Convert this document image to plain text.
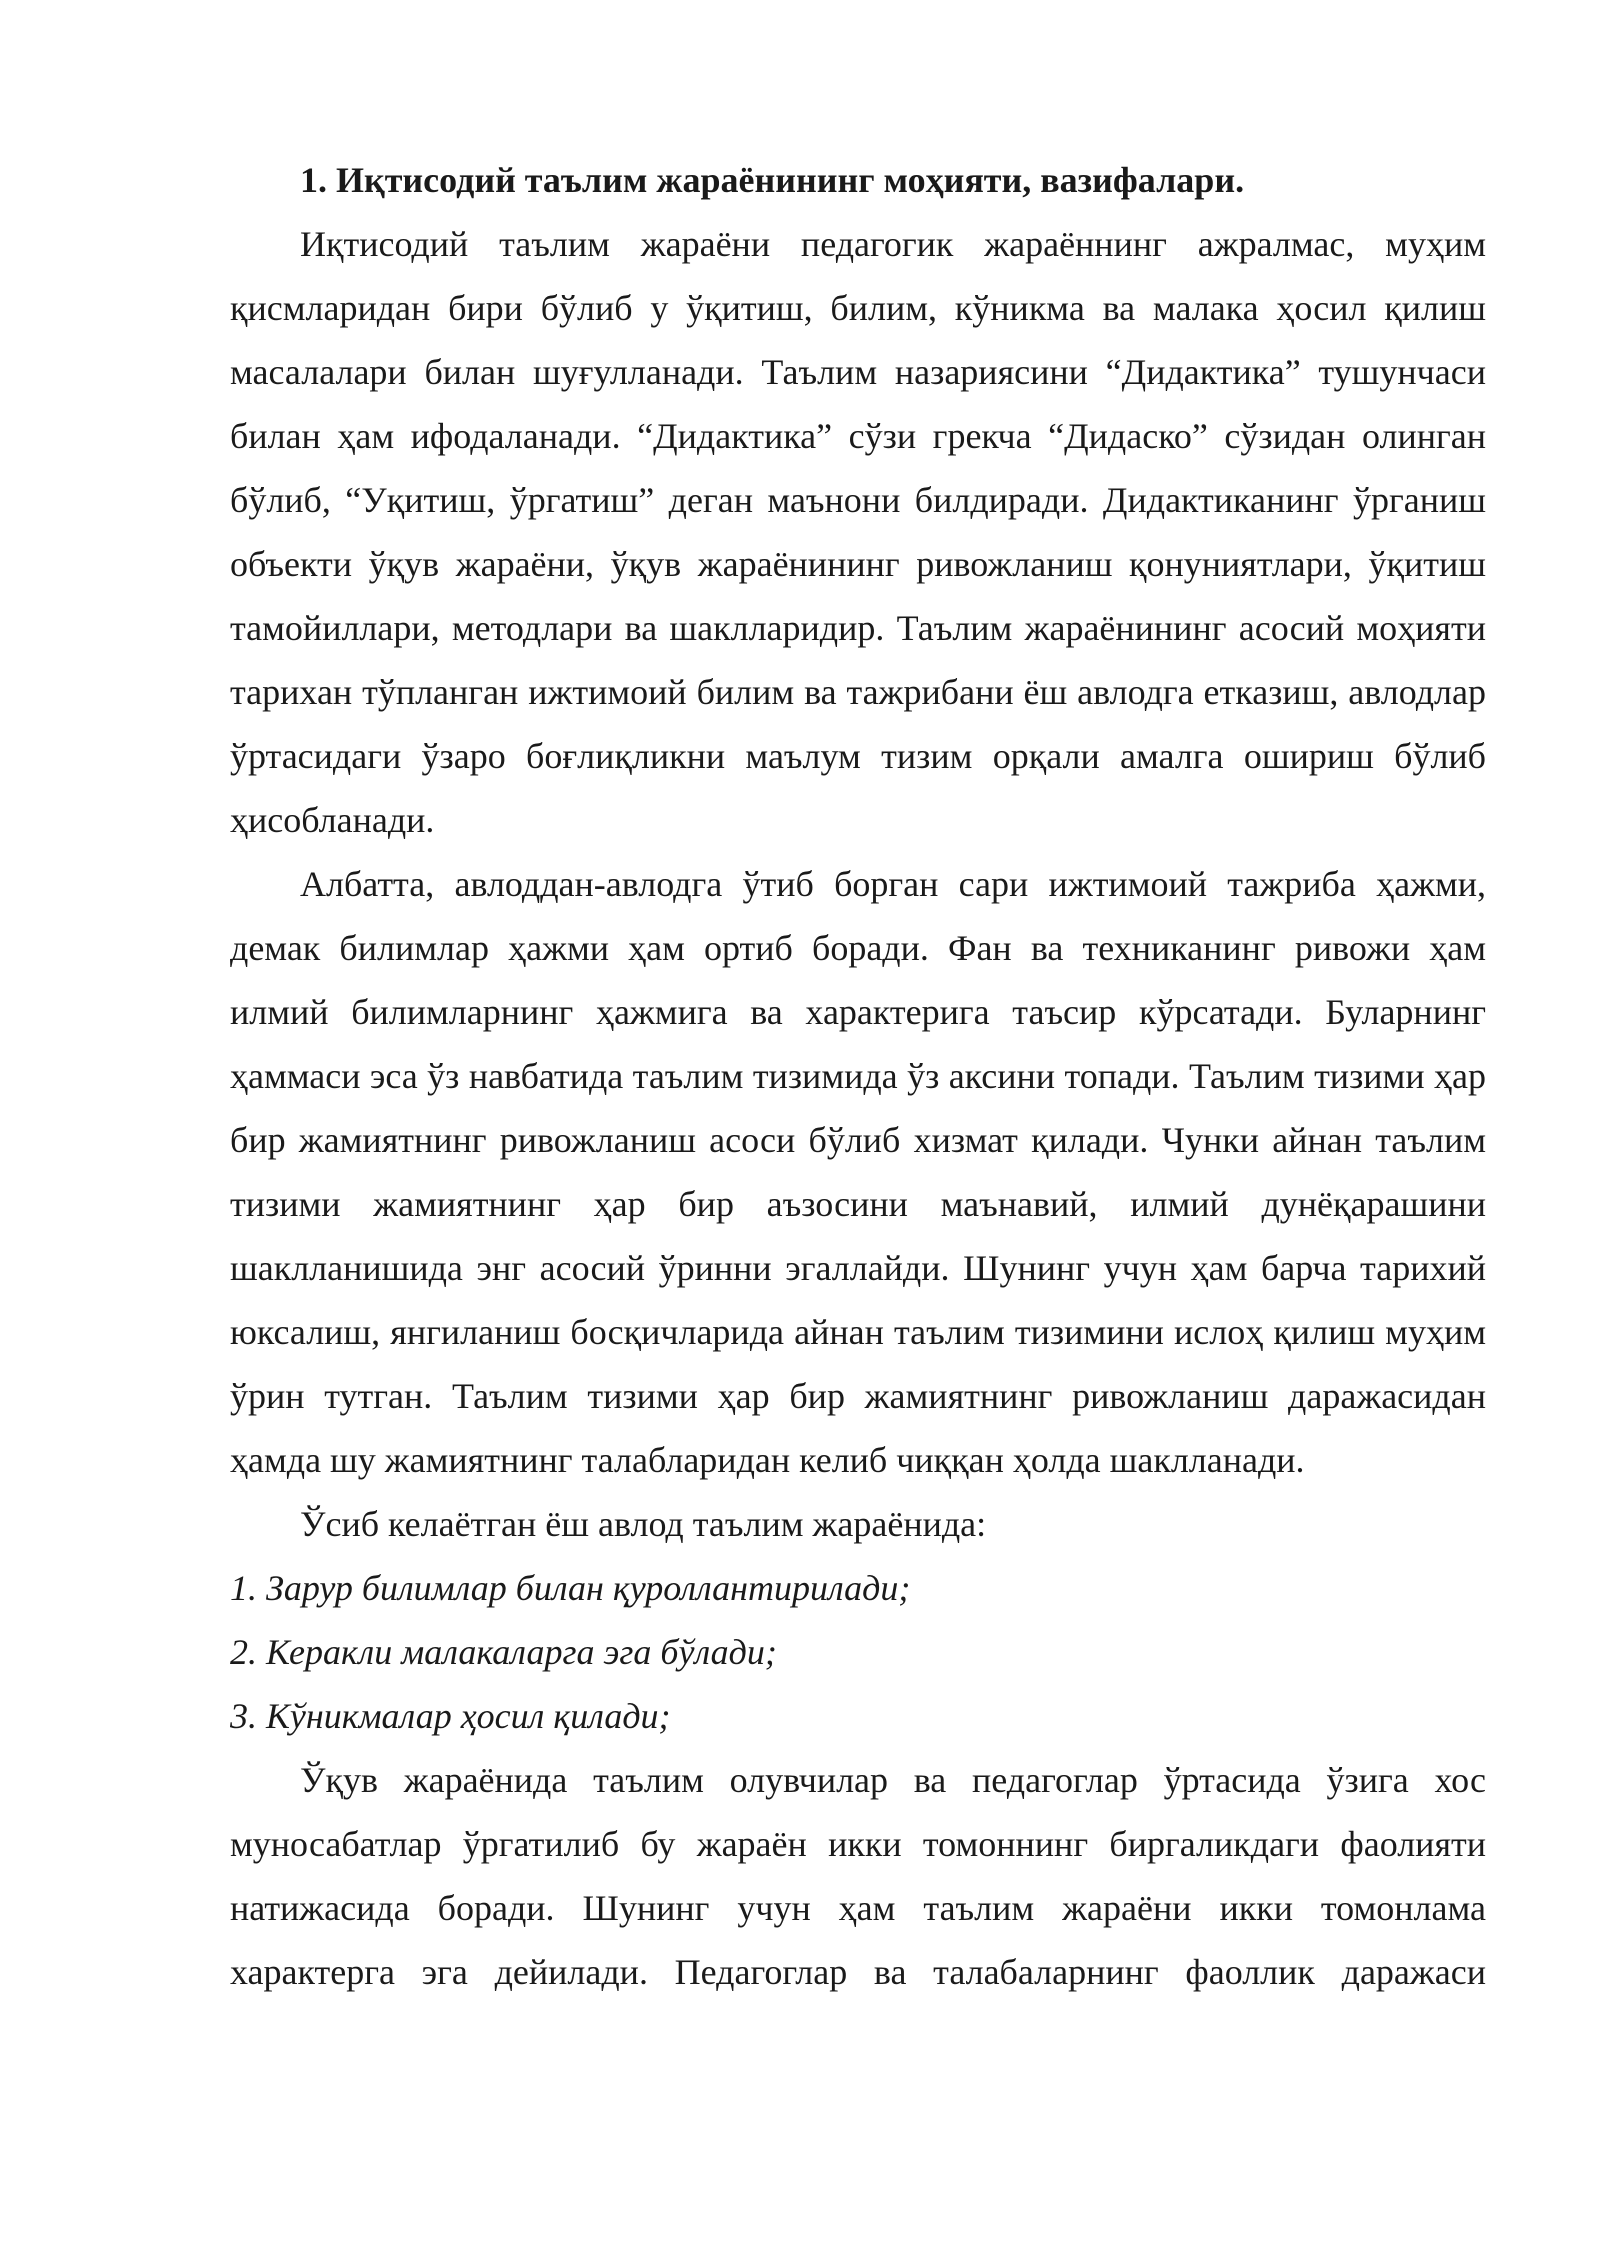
1. Иқтисодий таълим жараёнининг моҳияти, вазифалари.

Иқтисодий таълим жараёни педагогик жараённинг ажралмас, муҳим қисмларидан бири бўлиб у ўқитиш, билим, кўникма ва малака ҳосил қилиш масалалари билан шуғулланади. Таълим назариясини “Дидактика” тушунчаси билан ҳам ифодаланади. “Дидактика” сўзи грекча “Дидаско” сўзидан олинган бўлиб, “Уқитиш, ўргатиш” деган маънони билдиради. Дидактиканинг ўрганиш объекти ўқув жараёни, ўқув жараёнининг ривожланиш қонуниятлари, ўқитиш тамойиллари, методлари ва шаклларидир. Таълим жараёнининг асосий моҳияти тарихан тўпланган ижтимоий билим ва тажрибани ёш авлодга етказиш, авлодлар ўртасидаги ўзаро боғлиқликни маълум тизим орқали амалга ошириш бўлиб ҳисобланади.

Албатта, авлоддан-авлодга ўтиб борган сари ижтимоий тажриба ҳажми, демак билимлар ҳажми ҳам ортиб боради. Фан ва техниканинг ривожи ҳам илмий билимларнинг ҳажмига ва характерига таъсир кўрсатади. Буларнинг ҳаммаси эса ўз навбатида таълим тизимида ўз аксини топади. Таълим тизими ҳар бир жамиятнинг ривожланиш асоси бўлиб хизмат қилади. Чунки айнан таълим тизими жамиятнинг ҳар бир аъзосини маънавий, илмий дунёқарашини шаклланишида энг асосий ўринни эгаллайди. Шунинг учун ҳам барча тарихий юксалиш, янгиланиш босқичларида айнан таълим тизимини ислоҳ қилиш муҳим ўрин тутган. Таълим тизими ҳар бир жамиятнинг ривожланиш даражасидан ҳамда шу жамиятнинг талабларидан келиб чиққан ҳолда шаклланади.

Ўсиб келаётган ёш авлод таълим жараёнида:

1. Зарур билимлар билан қуроллантирилади;

2. Керакли малакаларга эга бўлади;

3. Кўникмалар ҳосил қилади;

Ўқув жараёнида таълим олувчилар ва педагоглар ўртасида ўзига хос муносабатлар ўргатилиб бу жараён икки томоннинг биргаликдаги фаолияти натижасида боради. Шунинг учун ҳам таълим жараёни икки томонлама характерга эга дейилади. Педагоглар ва талабаларнинг фаоллик даражаси
